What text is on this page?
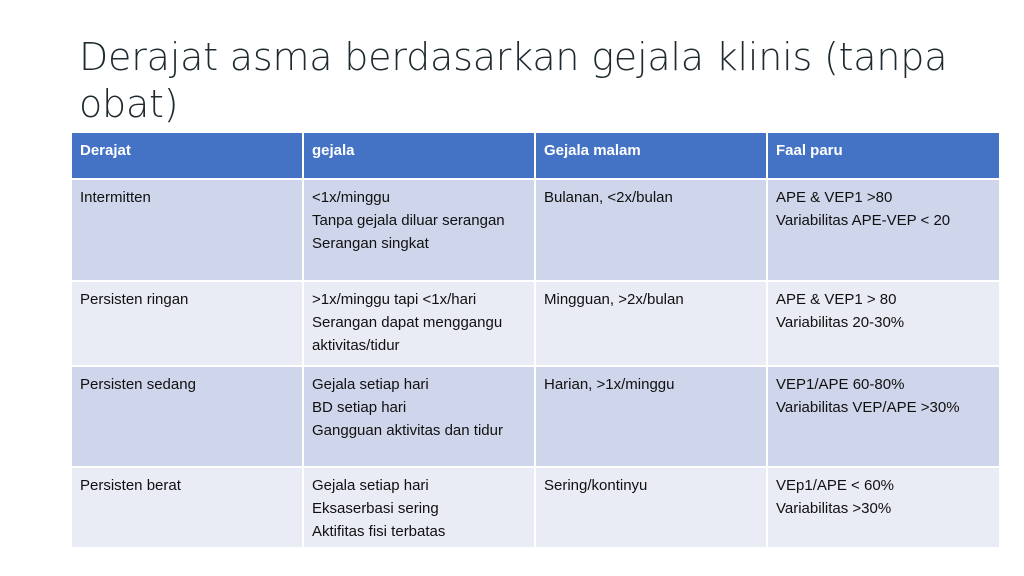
Derajat asma berdasarkan gejala klinis (tanpa obat)
Derajat	gejala	Gejala malam	Faal paru
Intermitten	<1x/minggu
Tanpa gejala diluar serangan
Serangan singkat	Bulanan, <2x/bulan	APE & VEP1 >80
Variabilitas APE-VEP < 20

Persisten ringan	>1x/minggu tapi <1x/hari
Serangan dapat menggangu aktivitas/tidur	Mingguan, >2x/bulan	APE & VEP1 > 80
Variabilitas 20-30%

Persisten sedang	Gejala setiap hari
BD setiap hari
Gangguan aktivitas dan tidur	Harian, >1x/minggu	VEP1/APE 60-80%
Variabilitas VEP/APE >30%

Persisten berat	Gejala setiap hari
Eksaserbasi sering
Aktifitas fisi terbatas	Sering/kontinyu	VEp1/APE < 60%
Variabilitas >30%
